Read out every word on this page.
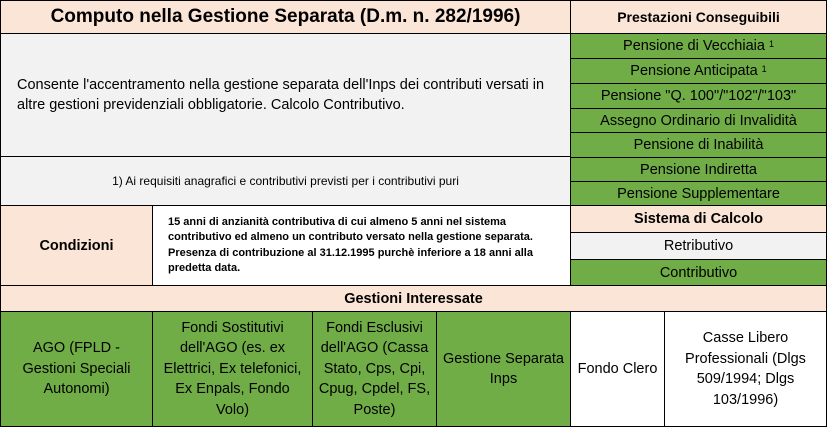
Computo nella Gestione Separata (D.m. n. 282/1996)
Consente l'accentramento nella gestione separata dell'Inps dei contributi versati in altre gestioni previdenziali obbligatorie. Calcolo Contributivo.
1) Ai requisiti anagrafici e contributivi previsti per i contributivi puri
Prestazioni Conseguibili
Pensione di Vecchiaia $^1$
Pensione Anticipata $^1$
Pensione "Q. 100"/"102"/"103"
Assegno Ordinario di Invalidità
Pensione di Inabilità
Pensione Indiretta
Pensione Supplementare
Condizioni
15 anni di anzianità contributiva di cui almeno 5 anni nel sistema contributivo ed almeno un contributo versato nella gestione separata. Presenza di contribuzione al 31.12.1995 purchè inferiore a 18 anni alla predetta data.
Sistema di Calcolo
Retributivo
Contributivo
Gestioni Interessate
AGO (FPLD - Gestioni Speciali Autonomi)
Fondi Sostitutivi dell'AGO (es. ex Elettrici, Ex telefonici, Ex Enpals, Fondo Volo)
Fondi Esclusivi dell'AGO (Cassa Stato, Cps, Cpi, Cpug, Cpdel, FS, Poste)
Gestione Separata Inps
Fondo Clero
Casse Libero Professionali (Dlgs 509/1994; Dlgs 103/1996)
